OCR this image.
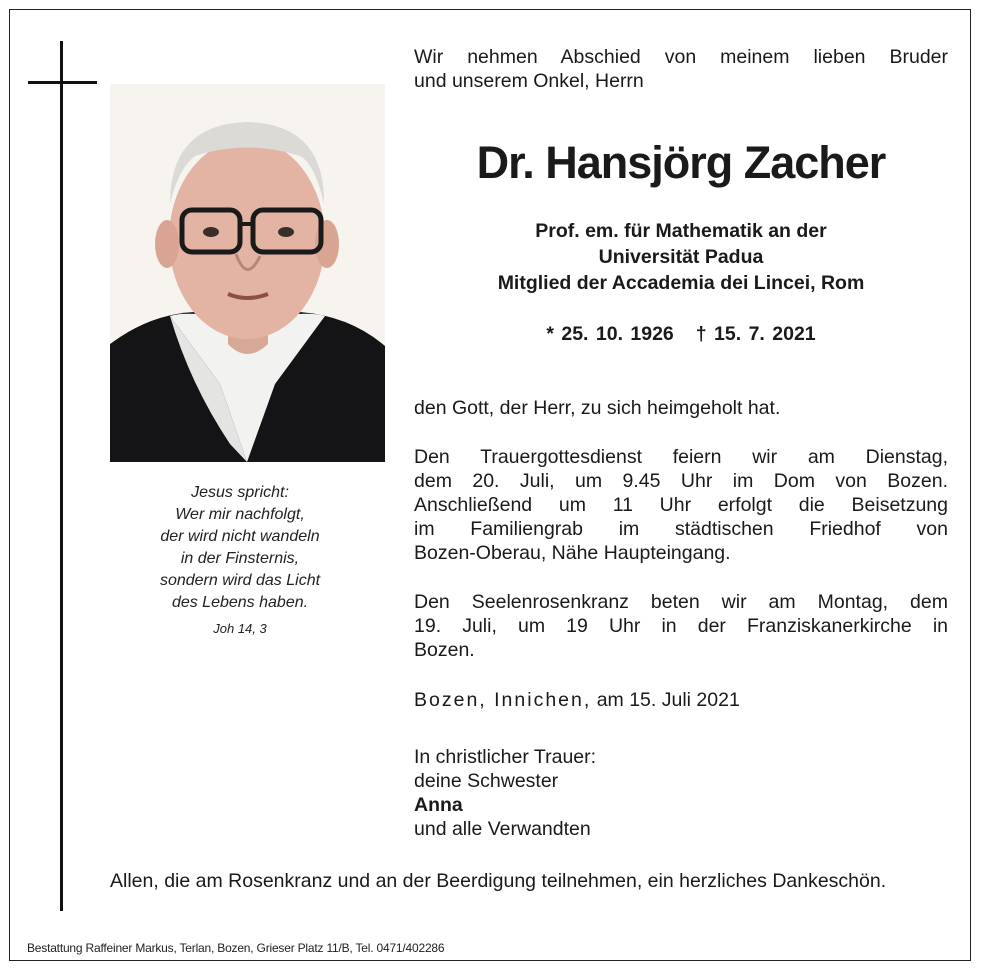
Jesus spricht:
Wer mir nachfolgt,
der wird nicht wandeln
in der Finsternis,
sondern wird das Licht
des Lebens haben.
Joh 14, 3

Wir nehmen Abschied von meinem lieben Bruder

und unserem Onkel, Herrn

Dr. Hansjörg Zacher
Prof. em. für Mathematik an der
Universität Padua
Mitglied der Accademia dei Lincei, Rom
* 25. 10. 1926 † 15. 7. 2021

den Gott, der Herr, zu sich heimgeholt hat.

Den Trauergottesdienst feiern wir am Dienstag,

dem 20. Juli, um 9.45 Uhr im Dom von Bozen.

Anschließend um 11 Uhr erfolgt die Beisetzung

im Familiengrab im städtischen Friedhof von

Bozen-Oberau, Nähe Haupteingang.

Den Seelenrosenkranz beten wir am Montag, dem

19. Juli, um 19 Uhr in der Franziskanerkirche in

Bozen.

Bozen, Innichen, am 15. Juli 2021

In christlicher Trauer:

deine Schwester
Anna

und alle Verwandten

Allen, die am Rosenkranz und an der Beerdigung teilnehmen, ein herzliches Dankeschön.
Bestattung Raffeiner Markus, Terlan, Bozen, Grieser Platz 11/B, Tel. 0471/402286
